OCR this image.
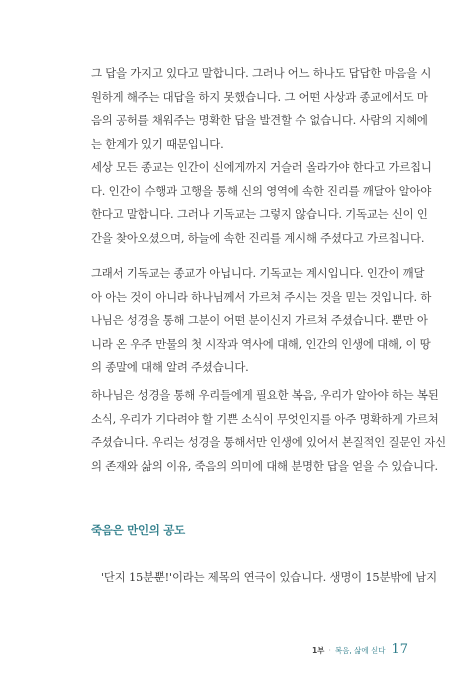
그 답을 가지고 있다고 말합니다. 그러나 어느 하나도 답답한 마음을 시
원하게 해주는 대답을 하지 못했습니다. 그 어떤 사상과 종교에서도 마
음의 공허를 채워주는 명확한 답을 발견할 수 없습니다. 사람의 지혜에
는 한계가 있기 때문입니다.
세상 모든 종교는 인간이 신에게까지 거슬러 올라가야 한다고 가르칩니
다. 인간이 수행과 고행을 통해 신의 영역에 속한 진리를 깨달아 알아야
한다고 말합니다. 그러나 기독교는 그렇지 않습니다. 기독교는 신이 인
간을 찾아오셨으며, 하늘에 속한 진리를 계시해 주셨다고 가르칩니다.
그래서 기독교는 종교가 아닙니다. 기독교는 계시입니다. 인간이 깨달
아 아는 것이 아니라 하나님께서 가르쳐 주시는 것을 믿는 것입니다. 하
나님은 성경을 통해 그분이 어떤 분이신지 가르쳐 주셨습니다. 뿐만 아
니라 온 우주 만물의 첫 시작과 역사에 대해, 인간의 인생에 대해, 이 땅
의 종말에 대해 알려 주셨습니다.
하나님은 성경을 통해 우리들에게 필요한 복음, 우리가 알아야 하는 복된
소식, 우리가 기다려야 할 기쁜 소식이 무엇인지를 아주 명확하게 가르쳐
주셨습니다. 우리는 성경을 통해서만 인생에 있어서 본질적인 질문인 자신
의 존재와 삶의 이유, 죽음의 의미에 대해 분명한 답을 얻을 수 있습니다.
죽음은 만인의 공도
'단지 15분뿐!'이라는 제목의 연극이 있습니다. 생명이 15분밖에 남지
1부 · 복음, 삶에 싣다 17
